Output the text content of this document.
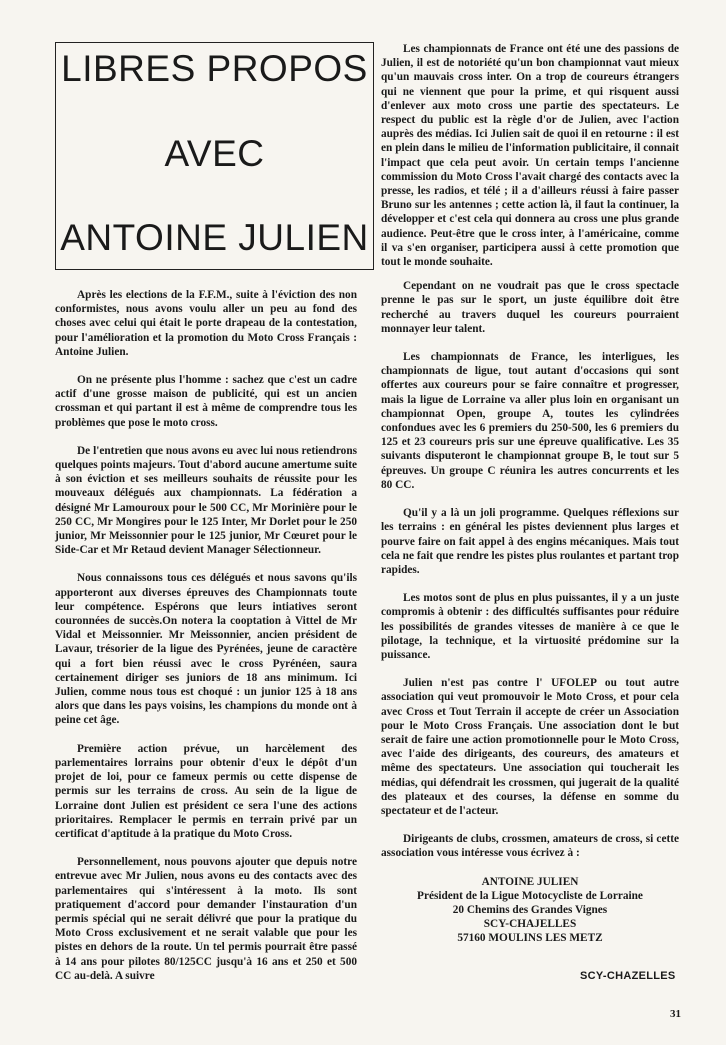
LIBRES PROPOS
AVEC
ANTOINE JULIEN

Après les elections de la F.F.M., suite à l'éviction des non conformistes, nous avons voulu aller un peu au fond des choses avec celui qui était le porte drapeau de la contestation, pour l'amélioration et la promotion du Moto Cross Français : Antoine Julien.

On ne présente plus l'homme : sachez que c'est un cadre actif d'une grosse maison de publicité, qui est un ancien crossman et qui partant il est à même de comprendre tous les problèmes que pose le moto cross.

De l'entretien que nous avons eu avec lui nous retiendrons quelques points majeurs. Tout d'abord aucune amertume suite à son éviction et ses meilleurs souhaits de réussite pour les mouveaux délégués aux championnats. La fédération a désigné Mr Lamouroux pour le 500 CC, Mr Morinière pour le 250 CC, Mr Mongires pour le 125 Inter, Mr Dorlet pour le 250 junior, Mr Meissonnier pour le 125 junior, Mr Cœuret pour le Side-Car et Mr Retaud devient Manager Sélectionneur.

Nous connaissons tous ces délégués et nous savons qu'ils apporteront aux diverses épreuves des Championnats toute leur compétence. Espérons que leurs intiatives seront couronnées de succès.On notera la cooptation à Vittel de Mr Vidal et Meissonnier. Mr Meissonnier, ancien président de Lavaur, trésorier de la ligue des Pyrénées, jeune de caractère qui a fort bien réussi avec le cross Pyrénéen, saura certainement diriger ses juniors de 18 ans minimum. Ici Julien, comme nous tous est choqué : un junior 125 à 18 ans alors que dans les pays voisins, les champions du monde ont à peine cet âge.

Première action prévue, un harcèlement des parlementaires lorrains pour obtenir d'eux le dépôt d'un projet de loi, pour ce fameux permis ou cette dispense de permis sur les terrains de cross. Au sein de la ligue de Lorraine dont Julien est président ce sera l'une des actions prioritaires. Remplacer le permis en terrain privé par un certificat d'aptitude à la pratique du Moto Cross.

Personnellement, nous pouvons ajouter que depuis notre entrevue avec Mr Julien, nous avons eu des contacts avec des parlementaires qui s'intéressent à la moto. Ils sont pratiquement d'accord pour demander l'instauration d'un permis spécial qui ne serait délivré que pour la pratique du Moto Cross exclusivement et ne serait valable que pour les pistes en dehors de la route. Un tel permis pourrait être passé à 14 ans pour pilotes 80/125CC jusqu'à 16 ans et 250 et 500 CC au-delà. A suivre

Les championnats de France ont été une des passions de Julien, il est de notoriété qu'un bon championnat vaut mieux qu'un mauvais cross inter. On a trop de coureurs étrangers qui ne viennent que pour la prime, et qui risquent aussi d'enlever aux moto cross une partie des spectateurs. Le respect du public est la règle d'or de Julien, avec l'action auprès des médias. Ici Julien sait de quoi il en retourne : il est en plein dans le milieu de l'information publicitaire, il connait l'impact que cela peut avoir. Un certain temps l'ancienne commission du Moto Cross l'avait chargé des contacts avec la presse, les radios, et télé ; il a d'ailleurs réussi à faire passer Bruno sur les antennes ; cette action là, il faut la continuer, la développer et c'est cela qui donnera au cross une plus grande audience. Peut-être que le cross inter, à l'américaine, comme il va s'en organiser, participera aussi à cette promotion que tout le monde souhaite.

Cependant on ne voudrait pas que le cross spectacle prenne le pas sur le sport, un juste équilibre doit être recherché au travers duquel les coureurs pourraient monnayer leur talent.

Les championnats de France, les interligues, les championnats de ligue, tout autant d'occasions qui sont offertes aux coureurs pour se faire connaître et progresser, mais la ligue de Lorraine va aller plus loin en organisant un championnat Open, groupe A, toutes les cylindrées confondues avec les 6 premiers du 250-500, les 6 premiers du 125 et 23 coureurs pris sur une épreuve qualificative. Les 35 suivants disputeront le championnat groupe B, le tout sur 5 épreuves. Un groupe C réunira les autres concurrents et les 80 CC.

Qu'il y a là un joli programme. Quelques réflexions sur les terrains : en général les pistes deviennent plus larges et pourve faire on fait appel à des engins mécaniques. Mais tout cela ne fait que rendre les pistes plus roulantes et partant trop rapides.

Les motos sont de plus en plus puissantes, il y a un juste compromis à obtenir : des difficultés suffisantes pour réduire les possibilités de grandes vitesses de manière à ce que le pilotage, la technique, et la virtuosité prédomine sur la puissance.

Julien n'est pas contre l' UFOLEP ou tout autre association qui veut promouvoir le Moto Cross, et pour cela avec Cross et Tout Terrain il accepte de créer un Association pour le Moto Cross Français. Une association dont le but serait de faire une action promotionnelle pour le Moto Cross, avec l'aide des dirigeants, des coureurs, des amateurs et même des spectateurs. Une association qui toucherait les médias, qui défendrait les crossmen, qui jugerait de la qualité des plateaux et des courses, la défense en somme du spectateur et de l'acteur.

Dirigeants de clubs, crossmen, amateurs de cross, si cette association vous intéresse vous écrivez à :

ANTOINE JULIEN
Président de la Ligue Motocycliste de Lorraine
20 Chemins des Grandes Vignes
SCY-CHAJELLES
57160 MOULINS LES METZ
SCY-CHAZELLES
31
